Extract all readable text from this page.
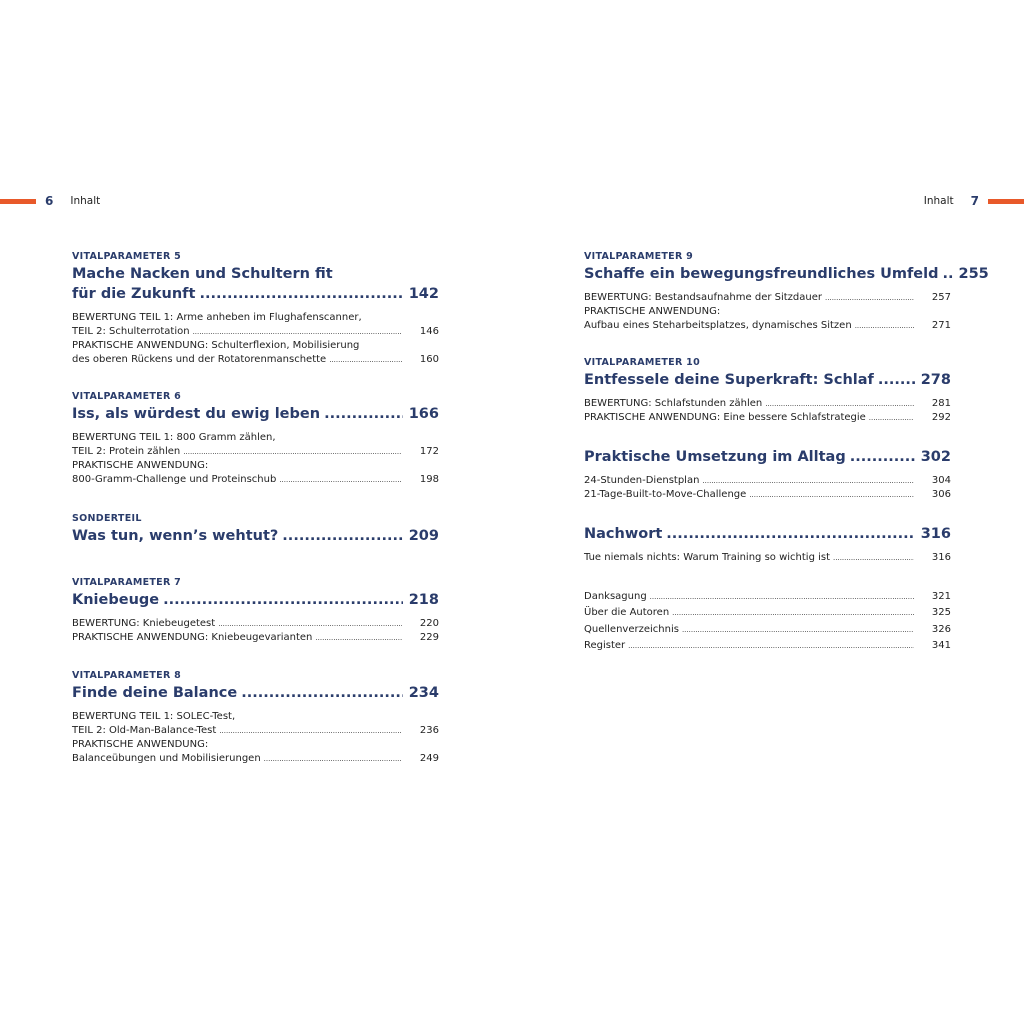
6 Inhalt	Inhalt 7
VITALPARAMETER 5
Mache Nacken und Schultern fit
für die Zukunft .....	142
BEWERTUNG TEIL 1: Arme anheben im Flughafenscanner,
TEIL 2: Schulterrotation .....	146
PRAKTISCHE ANWENDUNG: Schulterflexion, Mobilisierung
des oberen Rückens und der Rotatorenmanschette .....	160
VITALPARAMETER 6
Iss, als würdest du ewig leben .....	166
BEWERTUNG TEIL 1: 800 Gramm zählen,
TEIL 2: Protein zählen .....	172
PRAKTISCHE ANWENDUNG:
800-Gramm-Challenge und Proteinschub .....	198
SONDERTEIL
Was tun, wenn’s wehtut? .....	209
VITALPARAMETER 7
Kniebeuge .....	218
BEWERTUNG: Kniebeugetest .....	220
PRAKTISCHE ANWENDUNG: Kniebeugevarianten .....	229
VITALPARAMETER 8
Finde deine Balance .....	234
BEWERTUNG TEIL 1: SOLEC-Test,
TEIL 2: Old-Man-Balance-Test .....	236
PRAKTISCHE ANWENDUNG:
Balanceübungen und Mobilisierungen .....	249
VITALPARAMETER 9
Schaffe ein bewegungsfreundliches Umfeld ..... 255
BEWERTUNG: Bestandsaufnahme der Sitzdauer .....	257
PRAKTISCHE ANWENDUNG:
Aufbau eines Steharbeitsplatzes, dynamisches Sitzen .....	271
VITALPARAMETER 10
Entfessele deine Superkraft: Schlaf .....	278
BEWERTUNG: Schlafstunden zählen .....	281
PRAKTISCHE ANWENDUNG: Eine bessere Schlafstrategie .....	292
Praktische Umsetzung im Alltag .....	302
24-Stunden-Dienstplan .....	304
21-Tage-Built-to-Move-Challenge .....	306
Nachwort .....	316
Tue niemals nichts: Warum Training so wichtig ist .....	316
Danksagung .....	321
Über die Autoren .....	325
Quellenverzeichnis .....	326
Register .....	341
